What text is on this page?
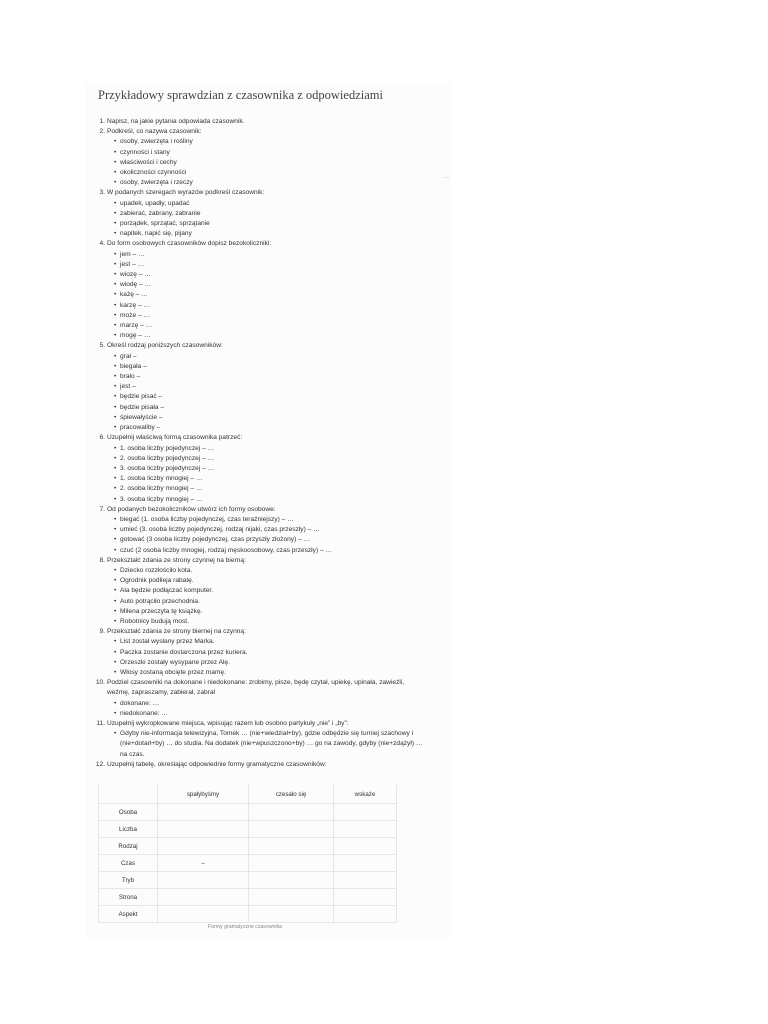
Przykładowy sprawdzian z czasownika z odpowiedziami
----
1. Napisz, na jakie pytania odpowiada czasownik.
2. Podkreśl, co nazywa czasownik:
• osoby, zwierzęta i rośliny
• czynności i stany
• właściwości i cechy
• okoliczności czynności
• osoby, zwierzęta i rzeczy
3. W podanych szeregach wyrazów podkreśl czasownik:
• upadek, upadły, upadać
• zabierać, zabrany, zabranie
• porządek, sprzątać, sprzątanie
• napitek, napić się, pijany
4. Do form osobowych czasowników dopisz bezokoliczniki:
• jem – …
• jest – …
• wiozę – …
• wiodę – …
• każę – …
• karzę – …
• może – …
• marzę – …
• mogę – …
5. Określ rodzaj poniższych czasowników:
• grał –
• biegała –
• brało –
• jest –
• będzie pisać –
• będzie pisała –
• śpiewałyście –
• pracowaliby –
6. Uzupełnij właściwą formą czasownika patrzeć:
• 1. osoba liczby pojedynczej – …
• 2. osoba liczby pojedynczej – …
• 3. osoba liczby pojedynczej – …
• 1. osoba liczby mnogiej – …
• 2. osoba liczby mnogiej – …
• 3. osoba liczby mnogiej – …
7. Od podanych bezokoliczników utwórz ich formy osobowe:
• biegać (1. osoba liczby pojedynczej, czas teraźniejszy) – …
• umieć (3. osoba liczby pojedynczej, rodzaj nijaki, czas przeszły) – …
• gotować (3 osoba liczby pojedynczej, czas przyszły złożony) – …
• czuć (2 osoba liczby mnogiej, rodzaj męskoosobowy, czas przeszły) – …
8. Przekształć zdania ze strony czynnej na bierną:
• Dziecko rozzłościło kota.
• Ogrodnik podlieja rabatę.
• Ala będzie podłączać komputer.
• Auto potrąciło przechodnia.
• Milena przeczyta tę książkę.
• Robotnicy budują most.
9. Przekształć zdania ze strony biernej na czynną:
• List został wysłany przez Marka.
• Paczka zostanie dostarczona przez kuriera.
• Orzeszki zostały wysypane przez Alę.
• Włosy zostaną obcięte przez mamę.
10. Podziel czasowniki na dokonane i niedokonane: zrobimy, pisze, będę czytał, upiekę, upinała, zawieźli, weźmę, zapraszamy, zabierał, zabrał
• dokonane: …
• niedokonane: …
11. Uzupełnij wykropkowane miejsca, wpisując razem lub osobno partykuły „nie” i „by”:
• Gdyby nie-informacja telewizyjna, Tomek … (nie+wiedział+by), gdzie odbędzie się turniej szachowy i (nie+dotarł+by) … do studia. Na dodatek (nie+wpuszczono+by) … go na zawody, gdyby (nie+zdążył) … na czas.
12. Uzupełnij tabelę, określając odpowiednie formy gramatyczne czasowników:
	spałybyśmy	czesało się	wskaże
Osoba			
Liczba			
Rodzaj			
Czas	–		
Tryb			
Strona			
Aspekt			
Formy gramatyczne czasownika
